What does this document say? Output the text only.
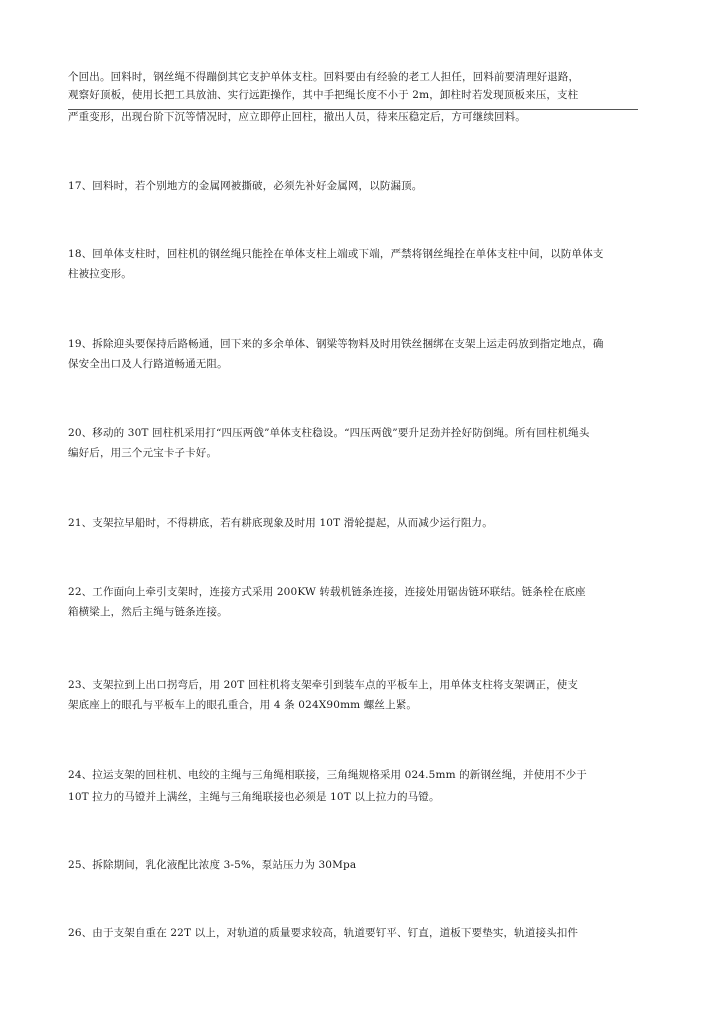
个回出。回料时，钢丝绳不得蹦倒其它支护单体支柱。回料要由有经验的老工人担任，回料前要清理好退路，
观察好顶板，使用长把工具放油、实行远距操作，其中手把绳长度不小于 2m，卸柱时若发现顶板来压，支柱
严重变形，出现台阶下沉等情况时，应立即停止回柱，撤出人员，待来压稳定后，方可继续回料。
17、回料时，若个别地方的金属网被撕破，必须先补好金属网，以防漏顶。
18、回单体支柱时，回柱机的钢丝绳只能拴在单体支柱上端或下端，严禁将钢丝绳拴在单体支柱中间，以防单体支
柱被拉变形。
19、拆除迎头要保持后路畅通，回下来的多余单体、钢梁等物料及时用铁丝捆绑在支架上运走码放到指定地点，确
保安全出口及人行路道畅通无阻。
20、移动的 30T 回柱机采用打“四压两戗”单体支柱稳设。“四压两戗”要升足劲并拴好防倒绳。所有回柱机绳头
编好后，用三个元宝卡子卡好。
21、支架拉早船时，不得耕底，若有耕底现象及时用 10T 滑轮提起，从而减少运行阻力。
22、工作面向上牵引支架时，连接方式采用 200KW 转载机链条连接，连接处用锯齿链环联结。链条栓在底座
箱横梁上，然后主绳与链条连接。
23、支架拉到上出口拐弯后，用 20T 回柱机将支架牵引到装车点的平板车上，用单体支柱将支架调正，使支
架底座上的眼孔与平板车上的眼孔重合，用 4 条 024X90mm 螺丝上紧。
24、拉运支架的回柱机、电绞的主绳与三角绳相联接，三角绳规格采用 024.5mm 的新钢丝绳，并使用不少于
10T 拉力的马镫并上满丝，主绳与三角绳联接也必须是 10T 以上拉力的马镫。
25、拆除期间，乳化液配比浓度 3-5%，泵站压力为 30Mpa
26、由于支架自重在 22T 以上，对轨道的质量要求较高，轨道要钉平、钉直，道板下要垫实，轨道接头扣件
